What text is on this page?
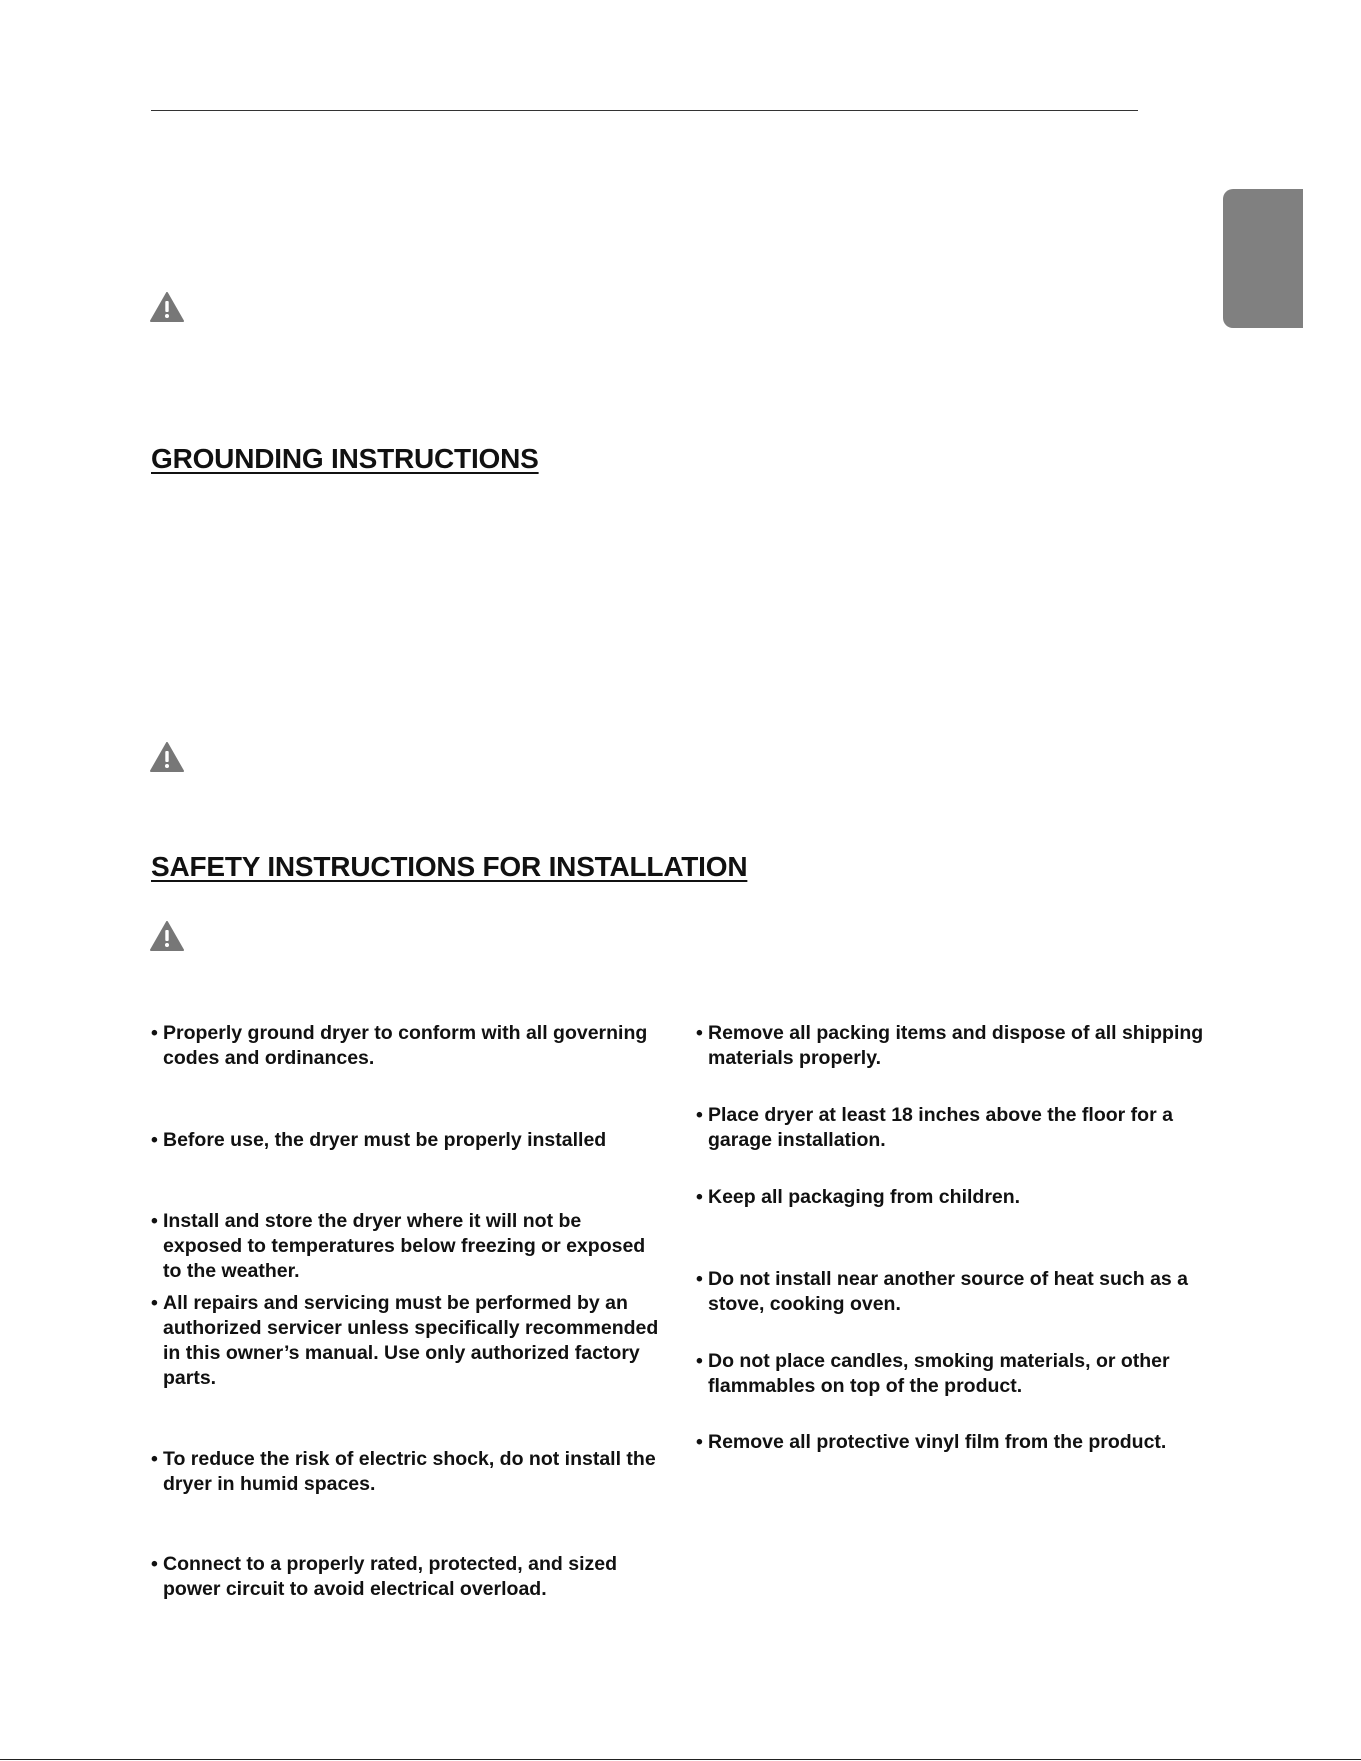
GROUNDING INSTRUCTIONS
SAFETY INSTRUCTIONS FOR INSTALLATION

• Properly ground dryer to conform with all governing codes and ordinances.

• Before use, the dryer must be properly installed

• Install and store the dryer where it will not be exposed to temperatures below freezing or exposed to the weather.

• All repairs and servicing must be performed by an authorized servicer unless specifically recommended in this owner’s manual. Use only authorized factory parts.

• To reduce the risk of electric shock, do not install the dryer in humid spaces.

• Connect to a properly rated, protected, and sized power circuit to avoid electrical overload.

• Remove all packing items and dispose of all shipping materials properly.

• Place dryer at least 18 inches above the floor for a garage installation.

• Keep all packaging from children.

• Do not install near another source of heat such as a stove, cooking oven.

• Do not place candles, smoking materials, or other flammables on top of the product.

• Remove all protective vinyl film from the product.
